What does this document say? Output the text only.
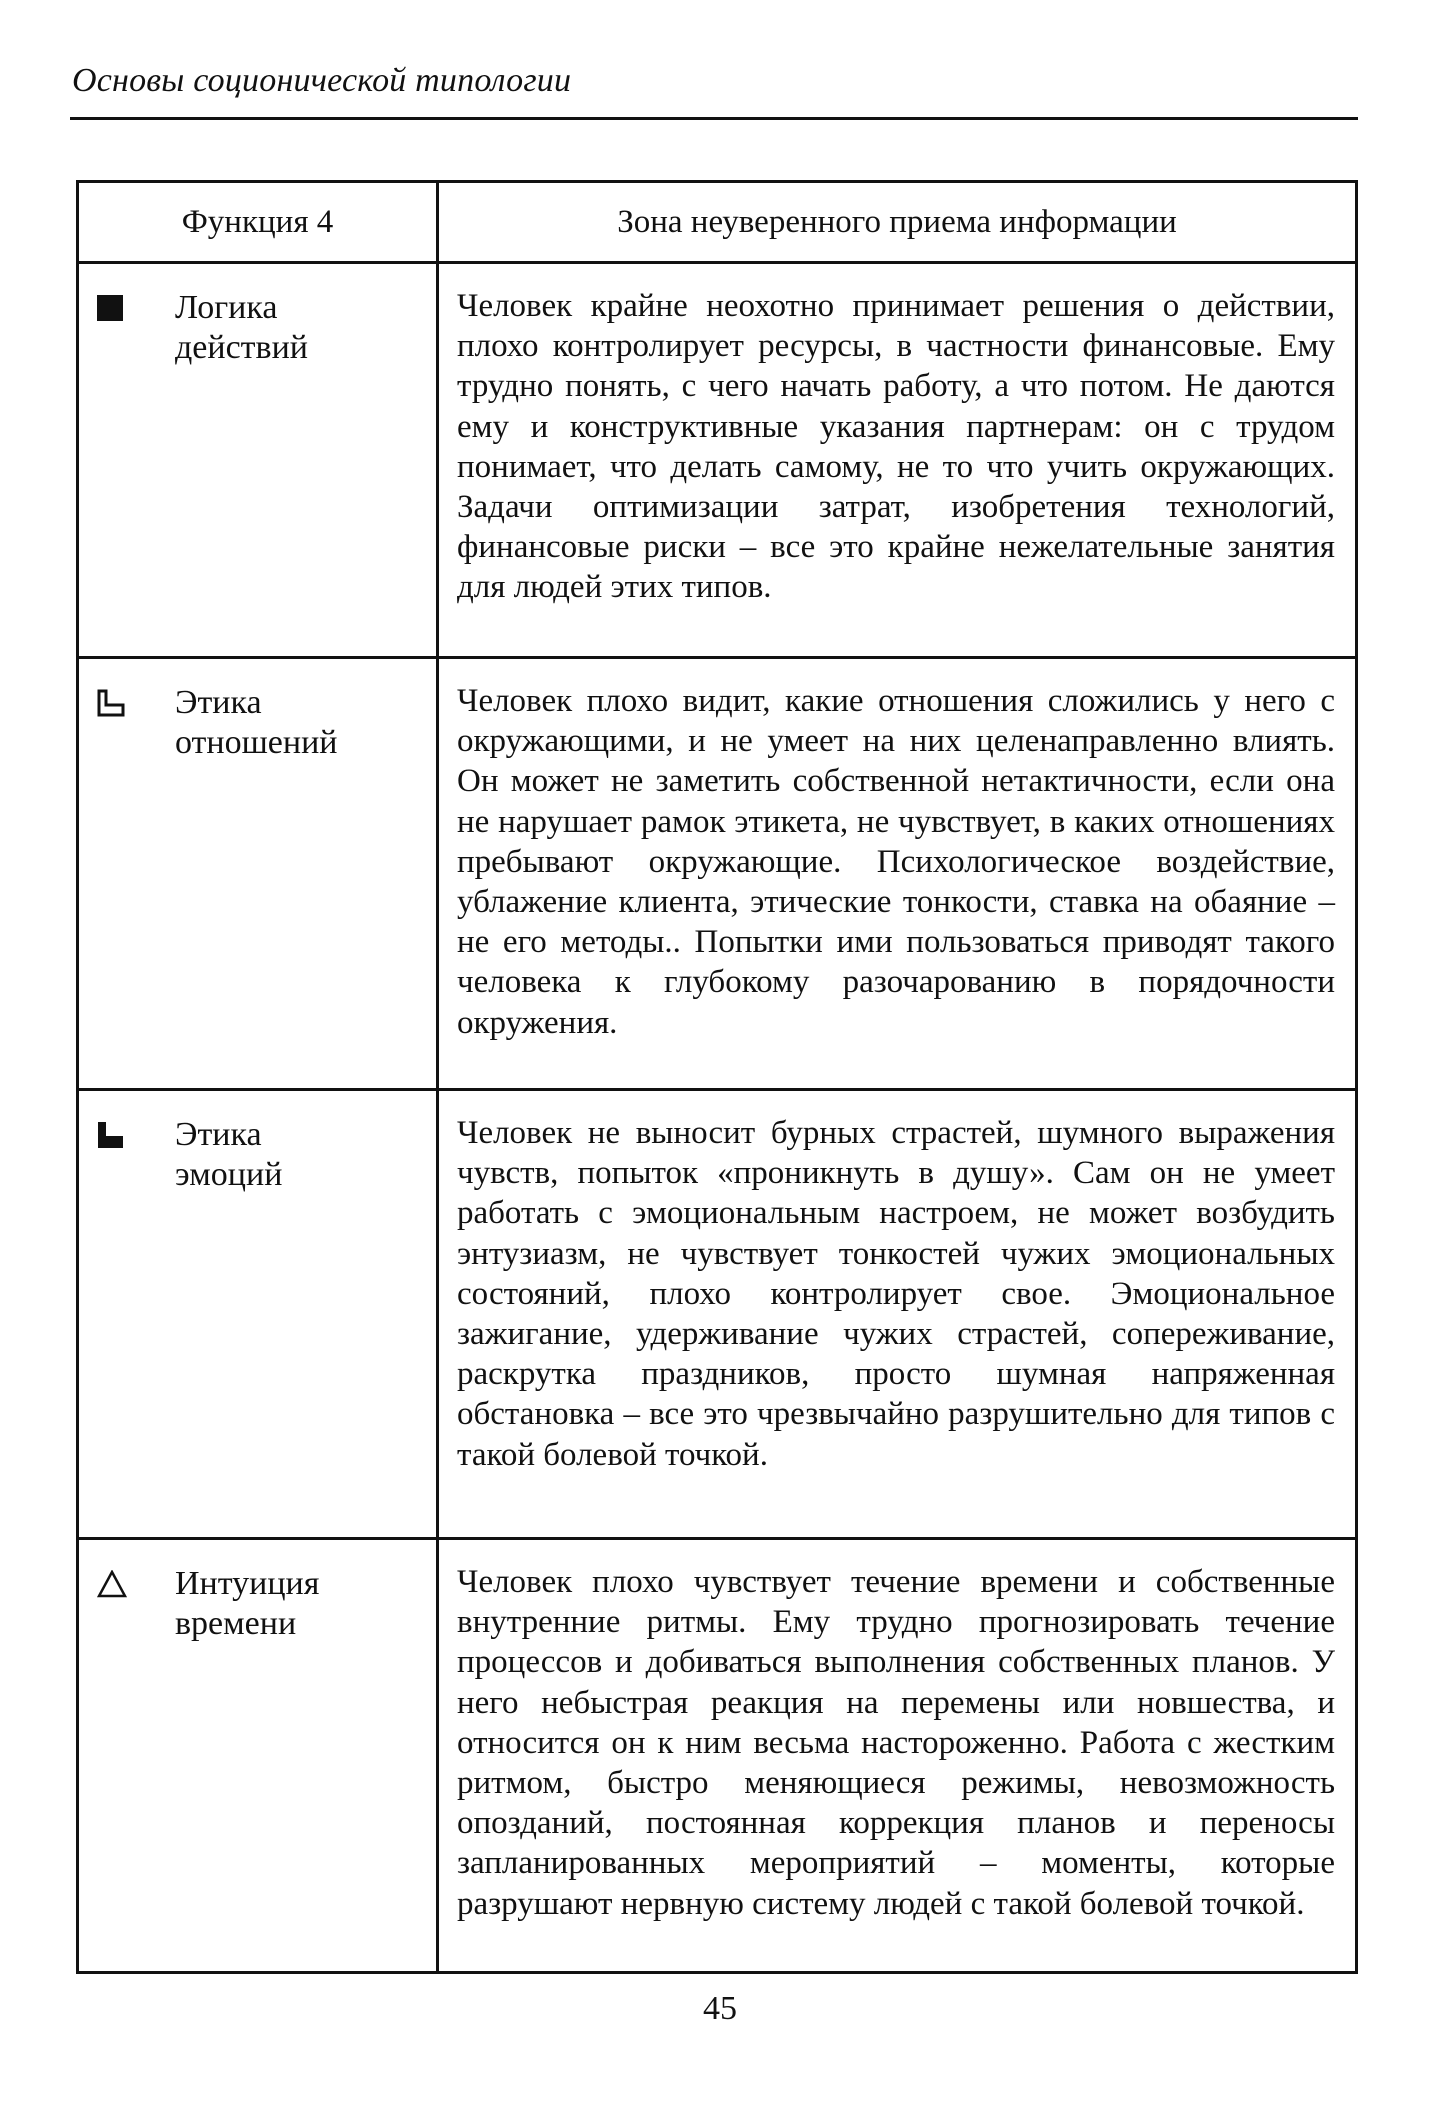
Основы соционической типологии
Функция 4	Зона неуверенного приема информации

Логика
действий	Человек крайне неохотно принимает решения о действии, плохо контролирует ресурсы, в частности финансовые. Ему трудно понять, с чего начать работу, а что потом. Не даются ему и конструктивные указания партнерам: он с трудом понимает, что делать самому, не то что учить окружающих. Задачи оптимизации затрат, изобретения технологий, финансовые риски – все это крайне нежелательные занятия для людей этих типов.

Этика
отношений	Человек плохо видит, какие отношения сложились у него с окружающими, и не умеет на них целенаправленно влиять. Он может не заметить собственной нетактичности, если она не нарушает рамок этикета, не чувствует, в каких отношениях пребывают окружающие. Психологическое воздействие, ублажение клиента, этические тонкости, ставка на обаяние – не его методы.. Попытки ими пользоваться приводят такого человека к глубокому разочарованию в порядочности окружения.

Этика
эмоций	Человек не выносит бурных страстей, шумного выражения чувств, попыток «проникнуть в душу». Сам он не умеет работать с эмоциональным настроем, не может возбудить энтузиазм, не чувствует тонкостей чужих эмоциональных состояний, плохо контролирует свое. Эмоциональное зажигание, удерживание чужих страстей, сопереживание, раскрутка праздников, просто шумная напряженная обстановка – все это чрезвычайно разрушительно для типов с такой болевой точкой.

Интуиция
времени	Человек плохо чувствует течение времени и собственные внутренние ритмы. Ему трудно прогнозировать течение процессов и добиваться выполнения собственных планов. У него небыстрая реакция на перемены или новшества, и относится он к ним весьма настороженно. Работа с жестким ритмом, быстро меняющиеся режимы, невозможность опозданий, постоянная коррекция планов и переносы запланированных мероприятий – моменты, которые разрушают нервную систему людей с такой болевой точкой.
45
